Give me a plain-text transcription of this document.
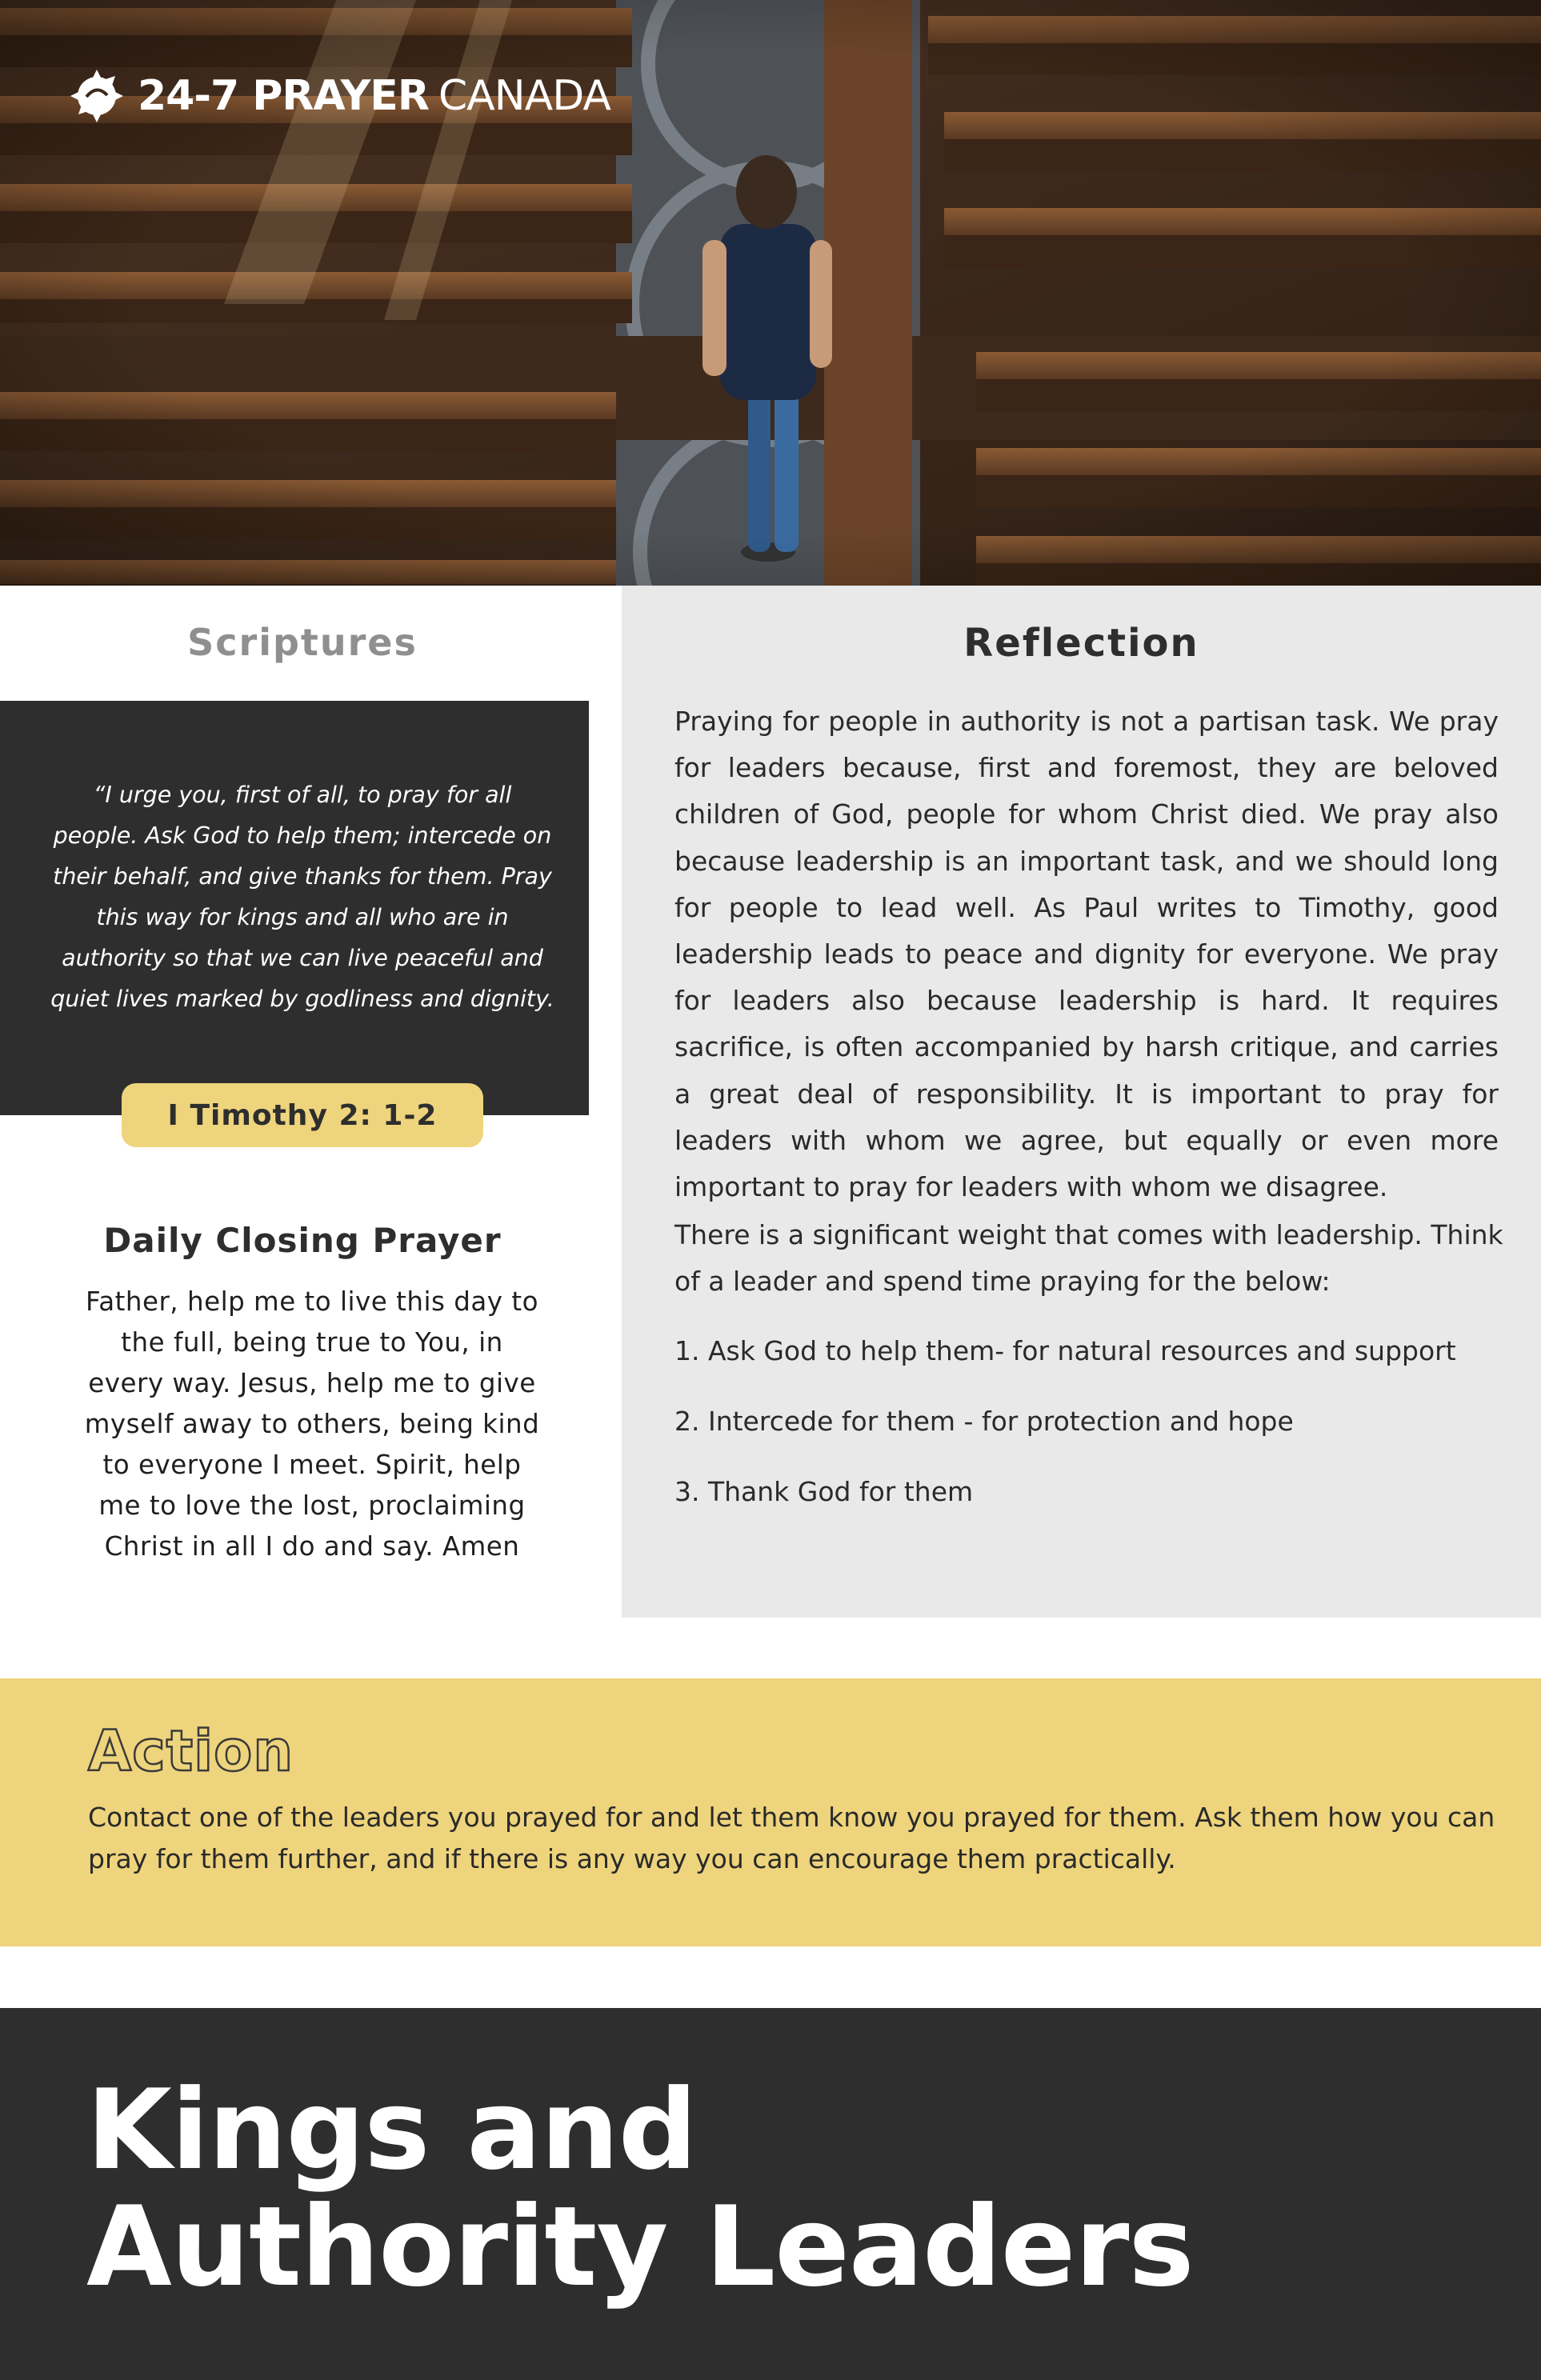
24-7 PRAYER CANADA
Scriptures

“I urge you, first of all, to pray for all people. Ask God to help them; intercede on their behalf, and give thanks for them. Pray this way for kings and all who are in authority so that we can live peaceful and quiet lives marked by godliness and dignity.

I Timothy 2: 1-2
Daily Closing Prayer

Father, help me to live this day to the full, being true to You, in every way. Jesus, help me to give myself away to others, being kind to everyone I meet. Spirit, help me to love the lost, proclaiming Christ in all I do and say. Amen

Reflection

Praying for people in authority is not a partisan task. We pray for leaders because, first and foremost, they are beloved children of God, people for whom Christ died. We pray also because leadership is an important task, and we should long for people to lead well. As Paul writes to Timothy, good leadership leads to peace and dignity for everyone. We pray for leaders also because leadership is hard. It requires sacrifice, is often accompanied by harsh critique, and carries a great deal of responsibility. It is important to pray for leaders with whom we agree, but equally or even more important to pray for leaders with whom we disagree.

There is a significant weight that comes with leadership. Think of a leader and spend time praying for the below:

1. Ask God to help them- for natural resources and support

2. Intercede for them - for protection and hope

3. Thank God for them

Action

Contact one of the leaders you prayed for and let them know you prayed for them. Ask them how you can pray for them further, and if there is any way you can encourage them practically.

Kings and
Authority Leaders
